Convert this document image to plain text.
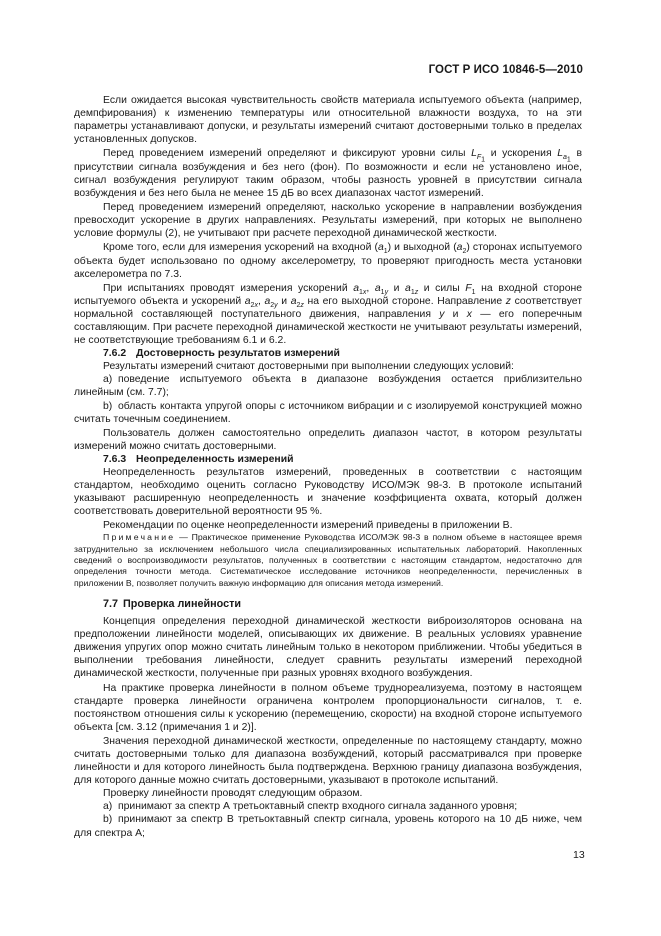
ГОСТ Р ИСО 10846-5—2010

Если ожидается высокая чувствительность свойств материала испытуемого объекта (например, демпфирования) к изменению температуры или относительной влажности воздуха, то на эти параметры устанавливают допуски, и результаты измерений считают достоверными только в пределах установленных допусков.

Перед проведением измерений определяют и фиксируют уровни силы $L_{F_1}$ и ускорения $L_{a_1}$ в присутствии сигнала возбуждения и без него (фон). По возможности и если не установлено иное, сигнал возбуждения регулируют таким образом, чтобы разность уровней в присутствии сигнала возбуждения и без него была не менее 15 дБ во всех диапазонах частот измерений.

Перед проведением измерений определяют, насколько ускорение в направлении возбуждения превосходит ускорение в других направлениях. Результаты измерений, при которых не выполнено условие формулы (2), не учитывают при расчете переходной динамической жесткости.

Кроме того, если для измерения ускорений на входной $(a_1)$ и выходной $(a_2)$ сторонах испытуемого объекта будет использовано по одному акселерометру, то проверяют пригодность места установки акселерометра по 7.3.

При испытаниях проводят измерения ускорений $a_{1x}$, $a_{1y}$ и $a_{1z}$ и силы $F_1$ на входной стороне испытуемого объекта и ускорений $a_{2x}$, $a_{2y}$ и $a_{2z}$ на его выходной стороне. Направление z соответствует нормальной составляющей поступательного движения, направления y и x — его поперечным составляющим. При расчете переходной динамической жесткости не учитывают результаты измерений, не соответствующие требованиям 6.1 и 6.2.

7.6.2 Достоверность результатов измерений

Результаты измерений считают достоверными при выполнении следующих условий:

a) поведение испытуемого объекта в диапазоне возбуждения остается приблизительно линейным (см. 7.7);

b) область контакта упругой опоры с источником вибрации и с изолируемой конструкцией можно считать точечным соединением.

Пользователь должен самостоятельно определить диапазон частот, в котором результаты измерений можно считать достоверными.

7.6.3 Неопределенность измерений

Неопределенность результатов измерений, проведенных в соответствии с настоящим стандартом, необходимо оценить согласно Руководству ИСО/МЭК 98-3. В протоколе испытаний указывают расширенную неопределенность и значение коэффициента охвата, который должен соответствовать доверительной вероятности 95 %.

Рекомендации по оценке неопределенности измерений приведены в приложении В.

Примечание — Практическое применение Руководства ИСО/МЭК 98-3 в полном объеме в настоящее время затруднительно за исключением небольшого числа специализированных испытательных лабораторий. Накопленных сведений о воспроизводимости результатов, полученных в соответствии с настоящим стандартом, недостаточно для определения точности метода. Систематическое исследование источников неопределенности, перечисленных в приложении В, позволяет получить важную информацию для описания метода измерений.

7.7 Проверка линейности

Концепция определения переходной динамической жесткости виброизоляторов основана на предположении линейности моделей, описывающих их движение. В реальных условиях уравнение движения упругих опор можно считать линейным только в некотором приближении. Чтобы убедиться в выполнении требования линейности, следует сравнить результаты измерений переходной динамической жесткости, полученные при разных уровнях входного возбуждения.

На практике проверка линейности в полном объеме труднореализуема, поэтому в настоящем стандарте проверка линейности ограничена контролем пропорциональности сигналов, т. е. постоянством отношения силы к ускорению (перемещению, скорости) на входной стороне испытуемого объекта [см. 3.12 (примечания 1 и 2)].

Значения переходной динамической жесткости, определенные по настоящему стандарту, можно считать достоверными только для диапазона возбуждений, который рассматривался при проверке линейности и для которого линейность была подтверждена. Верхнюю границу диапазона возбуждения, для которого данные можно считать достоверными, указывают в протоколе испытаний.

Проверку линейности проводят следующим образом.

a) принимают за спектр А третьоктавный спектр входного сигнала заданного уровня;

b) принимают за спектр В третьоктавный спектр сигнала, уровень которого на 10 дБ ниже, чем для спектра А;

13
